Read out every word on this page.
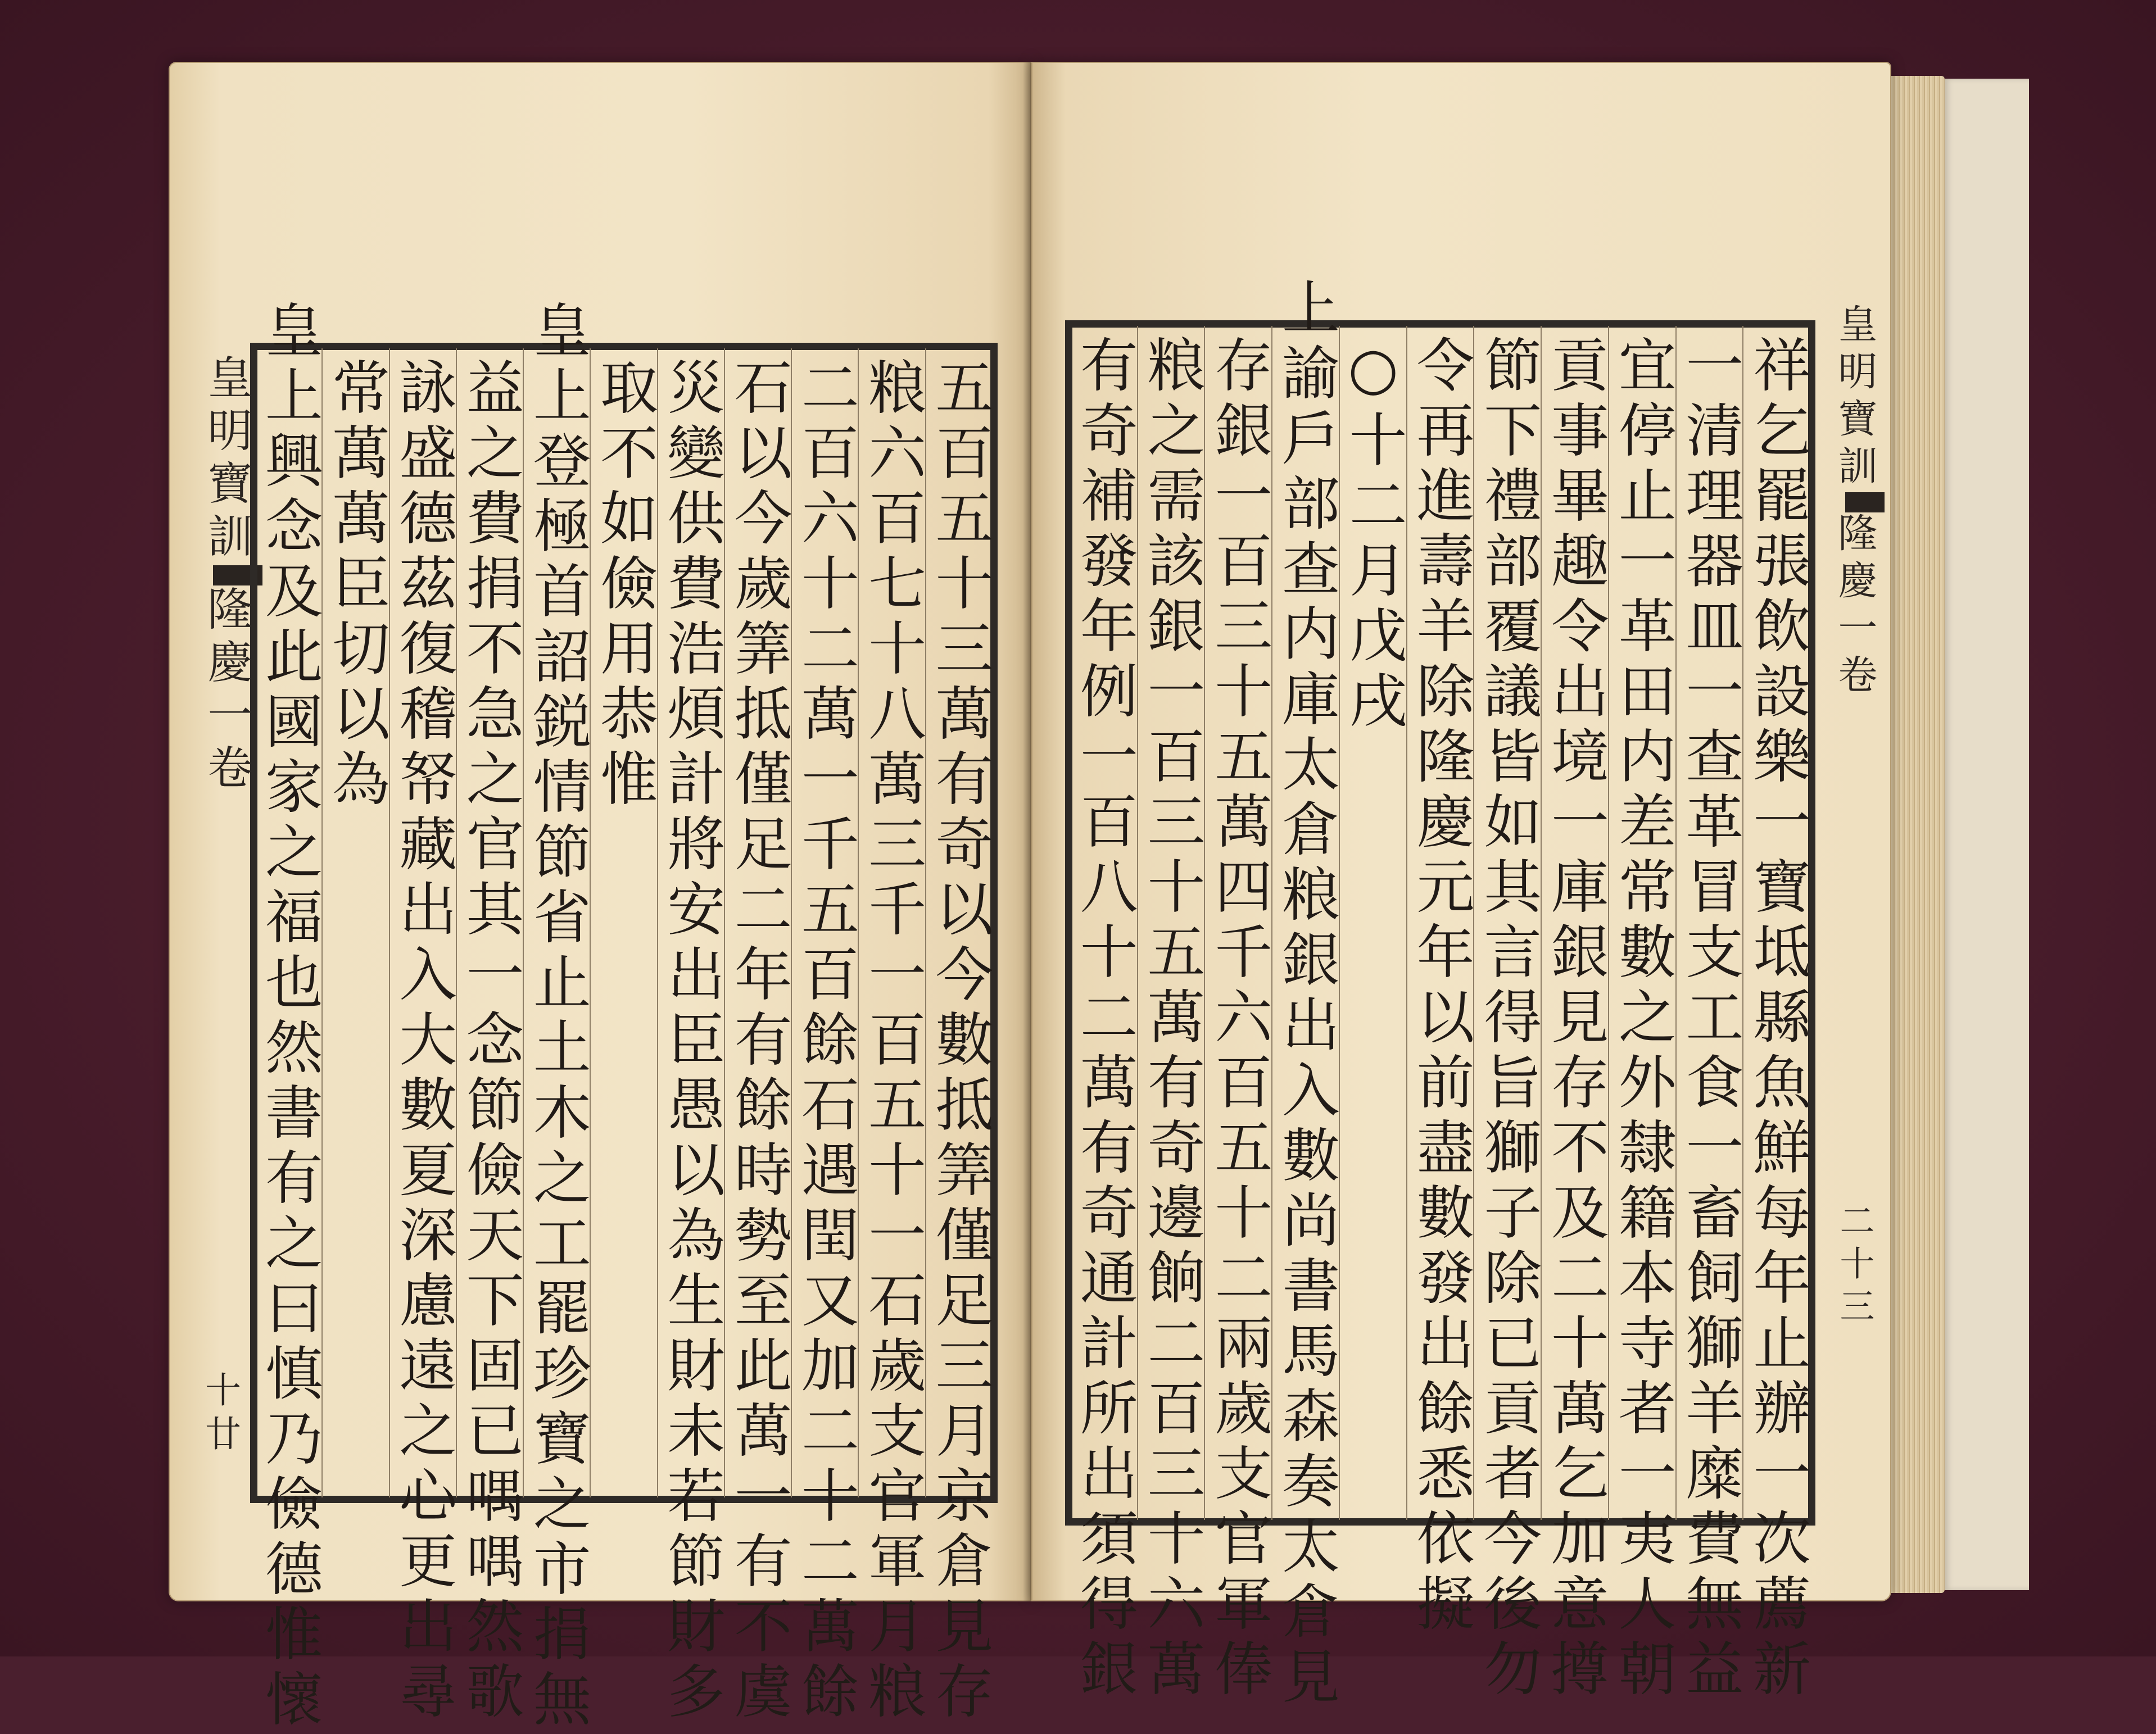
皇明寶訓隆慶一卷
十廿	五百五十三萬有奇以今數抵筭僅足三月京倉見存
粮六百七十八萬三千一百五十一石歲支官軍月粮
二百六十二萬一千五百餘石遇閏又加二十二萬餘
石以今歲筭抵僅足二年有餘時勢至此萬一有不虞
災變供費浩煩計將安出臣愚以為生財未若節財多
取不如儉用恭惟
皇上登極首詔鋭情節省止土木之工罷珍寶之市捐無
益之費捐不急之官其一念節儉天下固已喁喁然歌
詠盛德茲復稽帑藏出入大數夏深慮遠之心更出尋
常萬萬臣切以為
皇上興念及此國家之福也然書有之曰慎乃儉德惟懷	祥乞罷張飲設樂一寶坻縣魚鮮每年止辦一次薦新
一清理器皿一查革冒支工食一畜飼獅羊糜費無益
宜停止一革田内差常數之外隸籍本寺者一夷人朝
貢事畢趣令出境一庫銀見存不及二十萬乞加意撙
節下禮部覆議皆如其言得旨獅子除已貢者今後勿
令再進壽羊除隆慶元年以前盡數發出餘悉依擬
○十二月戊戌
上諭戶部查内庫太倉粮銀出入數尚書馬森奏太倉見
存銀一百三十五萬四千六百五十二兩歲支官軍俸
粮之需該銀一百三十五萬有奇邊餉二百三十六萬
有奇補發年例一百八十二萬有奇通計所出須得銀	皇明寶訓隆慶一卷
二十三
